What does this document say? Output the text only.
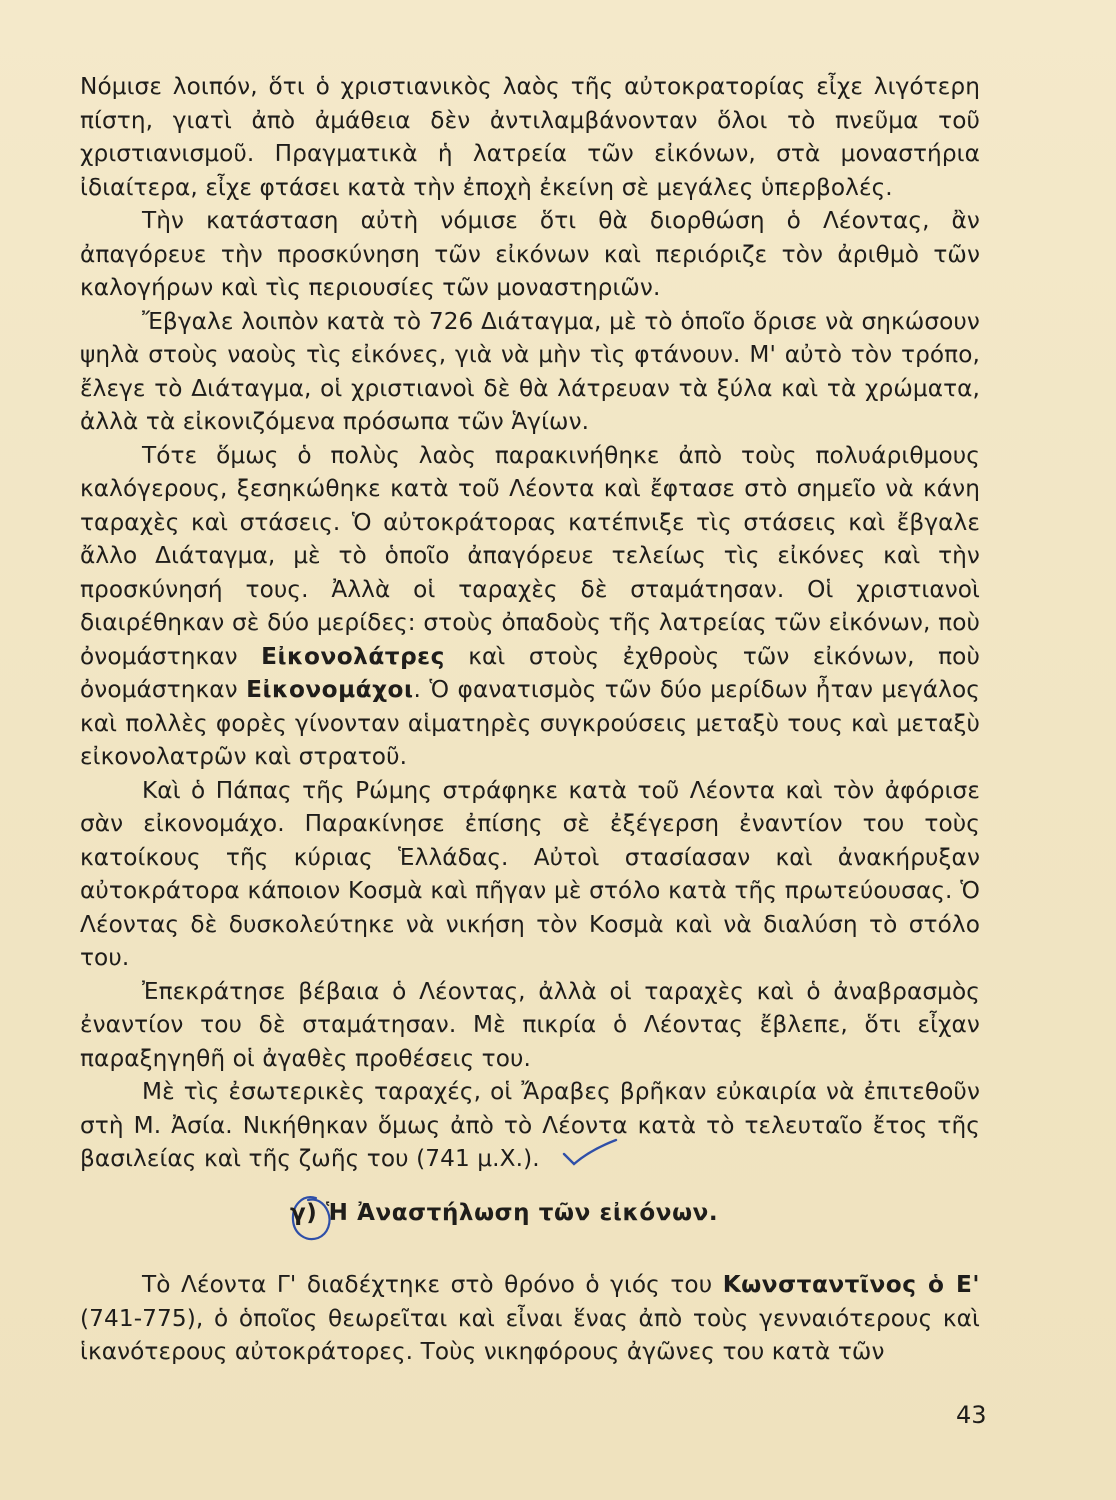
Νόμισε λοιπόν, ὅτι ὁ χριστιανικὸς λαὸς τῆς αὐτοκρατορίας εἶχε λιγότερη πίστη, γιατὶ ἀπὸ ἀμάθεια δὲν ἀντιλαμβάνονταν ὅλοι τὸ πνεῦμα τοῦ χριστιανισμοῦ. Πραγματικὰ ἡ λατρεία τῶν εἰκόνων, στὰ μοναστήρια ἰδιαίτερα, εἶχε φτάσει κατὰ τὴν ἐποχὴ ἐκείνη σὲ μεγάλες ὑπερβολές.

Τὴν κατάσταση αὐτὴ νόμισε ὅτι θὰ διορθώση ὁ Λέοντας, ἂν ἀπαγόρευε τὴν προσκύνηση τῶν εἰκόνων καὶ περιόριζε τὸν ἀριθμὸ τῶν καλογήρων καὶ τὶς περιουσίες τῶν μοναστηριῶν.

Ἔβγαλε λοιπὸν κατὰ τὸ 726 Διάταγμα, μὲ τὸ ὁποῖο ὅρισε νὰ σηκώσουν ψηλὰ στοὺς ναοὺς τὶς εἰκόνες, γιὰ νὰ μὴν τὶς φτάνουν. Μ' αὐτὸ τὸν τρόπο, ἔλεγε τὸ Διάταγμα, οἱ χριστιανοὶ δὲ θὰ λάτρευαν τὰ ξύλα καὶ τὰ χρώματα, ἀλλὰ τὰ εἰκονιζόμενα πρόσωπα τῶν Ἁγίων.

Τότε ὅμως ὁ πολὺς λαὸς παρακινήθηκε ἀπὸ τοὺς πολυάριθμους καλόγερους, ξεσηκώθηκε κατὰ τοῦ Λέοντα καὶ ἔφτασε στὸ σημεῖο νὰ κάνη ταραχὲς καὶ στάσεις. Ὁ αὐτοκράτορας κατέπνιξε τὶς στάσεις καὶ ἔβγαλε ἄλλο Διάταγμα, μὲ τὸ ὁποῖο ἀπαγόρευε τελείως τὶς εἰκόνες καὶ τὴν προσκύνησή τους. Ἀλλὰ οἱ ταραχὲς δὲ σταμάτησαν. Οἱ χριστιανοὶ διαιρέθηκαν σὲ δύο μερίδες: στοὺς ὀπαδοὺς τῆς λατρείας τῶν εἰκόνων, ποὺ ὀνομάστηκαν Εἰκονολάτρες καὶ στοὺς ἐχθροὺς τῶν εἰκόνων, ποὺ ὀνομάστηκαν Εἰκονομάχοι. Ὁ φανατισμὸς τῶν δύο μερίδων ἦταν μεγάλος καὶ πολλὲς φορὲς γίνονταν αἱματηρὲς συγκρούσεις μεταξὺ τους καὶ μεταξὺ εἰκονολατρῶν καὶ στρατοῦ.

Καὶ ὁ Πάπας τῆς Ρώμης στράφηκε κατὰ τοῦ Λέοντα καὶ τὸν ἀφόρισε σὰν εἰκονομάχο. Παρακίνησε ἐπίσης σὲ ἐξέγερση ἐναντίον του τοὺς κατοίκους τῆς κύριας Ἑλλάδας. Αὐτοὶ στασίασαν καὶ ἀνακήρυξαν αὐτοκράτορα κάποιον Κοσμὰ καὶ πῆγαν μὲ στόλο κατὰ τῆς πρωτεύουσας. Ὁ Λέοντας δὲ δυσκολεύτηκε νὰ νικήση τὸν Κοσμὰ καὶ νὰ διαλύση τὸ στόλο του.

Ἐπεκράτησε βέβαια ὁ Λέοντας, ἀλλὰ οἱ ταραχὲς καὶ ὁ ἀναβρασμὸς ἐναντίον του δὲ σταμάτησαν. Μὲ πικρία ὁ Λέοντας ἔβλεπε, ὅτι εἶχαν παραξηγηθῆ οἱ ἀγαθὲς προθέσεις του.

Μὲ τὶς ἐσωτερικὲς ταραχές, οἱ Ἄραβες βρῆκαν εὐκαιρία νὰ ἐπιτεθοῦν στὴ Μ. Ἀσία. Νικήθηκαν ὅμως ἀπὸ τὸ Λέοντα κατὰ τὸ τελευταῖο ἔτος τῆς βασιλείας καὶ τῆς ζωῆς του (741 μ.Χ.).

γ) Ἡ Ἀναστήλωση τῶν εἰκόνων.

Τὸ Λέοντα Γ' διαδέχτηκε στὸ θρόνο ὁ γιός του Κωνσταντῖνος ὁ Ε' (741-775), ὁ ὁποῖος θεωρεῖται καὶ εἶναι ἕνας ἀπὸ τοὺς γενναιότερους καὶ ἱκανότερους αὐτοκράτορες. Τοὺς νικηφόρους ἀγῶνες του κατὰ τῶν

43
